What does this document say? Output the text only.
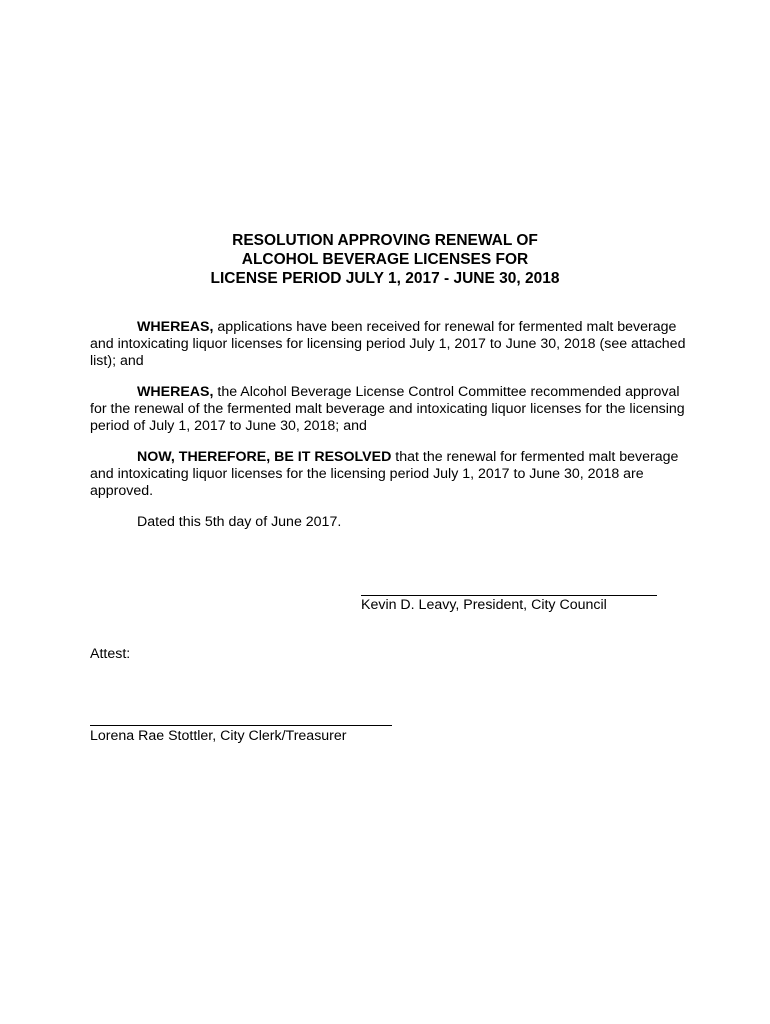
RESOLUTION APPROVING RENEWAL OF
ALCOHOL BEVERAGE LICENSES FOR
LICENSE PERIOD JULY 1, 2017 - JUNE 30, 2018
WHEREAS, applications have been received for renewal for fermented malt beverage and intoxicating liquor licenses for licensing period July 1, 2017 to June 30, 2018 (see attached list); and
WHEREAS, the Alcohol Beverage License Control Committee recommended approval for the renewal of the fermented malt beverage and intoxicating liquor licenses for the licensing period of July 1, 2017 to June 30, 2018; and
NOW, THEREFORE, BE IT RESOLVED that the renewal for fermented malt beverage and intoxicating liquor licenses for the licensing period July 1, 2017 to June 30, 2018 are approved.
Dated this 5th day of June 2017.
Kevin D. Leavy, President, City Council
Attest:
Lorena Rae Stottler, City Clerk/Treasurer
